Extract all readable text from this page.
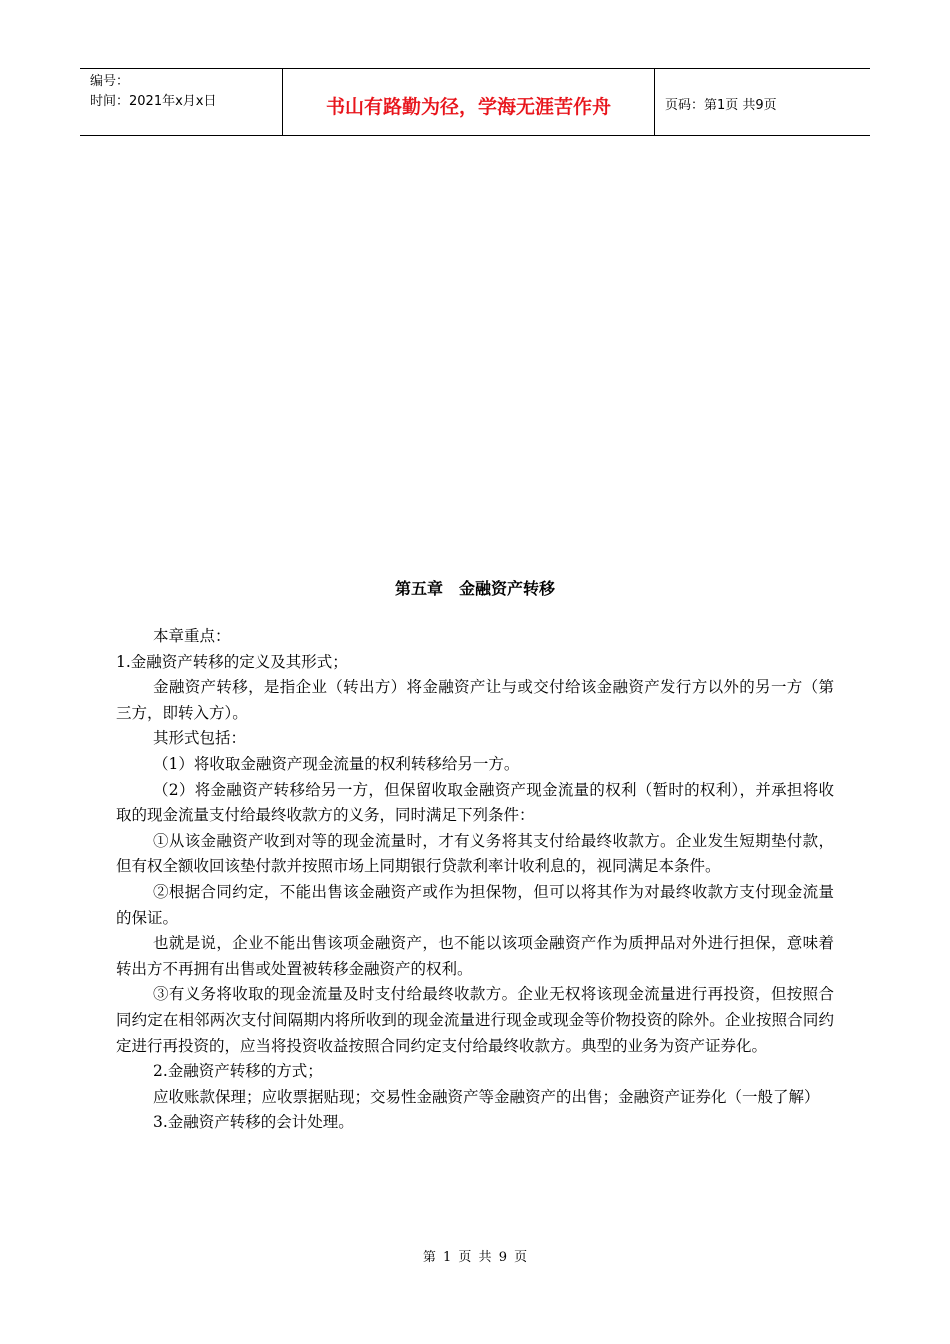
编号：
时间：2021年x月x日	书山有路勤为径，学海无涯苦作舟	页码：第1页 共9页
第五章　金融资产转移

本章重点：

1.金融资产转移的定义及其形式；

金融资产转移，是指企业（转出方）将金融资产让与或交付给该金融资产发行方以外的另一方（第三方，即转入方）。

其形式包括：

（1）将收取金融资产现金流量的权利转移给另一方。

（2）将金融资产转移给另一方，但保留收取金融资产现金流量的权利（暂时的权利），并承担将收取的现金流量支付给最终收款方的义务，同时满足下列条件：

①从该金融资产收到对等的现金流量时，才有义务将其支付给最终收款方。企业发生短期垫付款，但有权全额收回该垫付款并按照市场上同期银行贷款利率计收利息的，视同满足本条件。

②根据合同约定，不能出售该金融资产或作为担保物，但可以将其作为对最终收款方支付现金流量的保证。

也就是说，企业不能出售该项金融资产，也不能以该项金融资产作为质押品对外进行担保，意味着转出方不再拥有出售或处置被转移金融资产的权利。

③有义务将收取的现金流量及时支付给最终收款方。企业无权将该现金流量进行再投资，但按照合同约定在相邻两次支付间隔期内将所收到的现金流量进行现金或现金等价物投资的除外。企业按照合同约定进行再投资的，应当将投资收益按照合同约定支付给最终收款方。典型的业务为资产证券化。

2.金融资产转移的方式；

应收账款保理；应收票据贴现；交易性金融资产等金融资产的出售；金融资产证券化（一般了解）

3.金融资产转移的会计处理。

第 1 页 共 9 页
